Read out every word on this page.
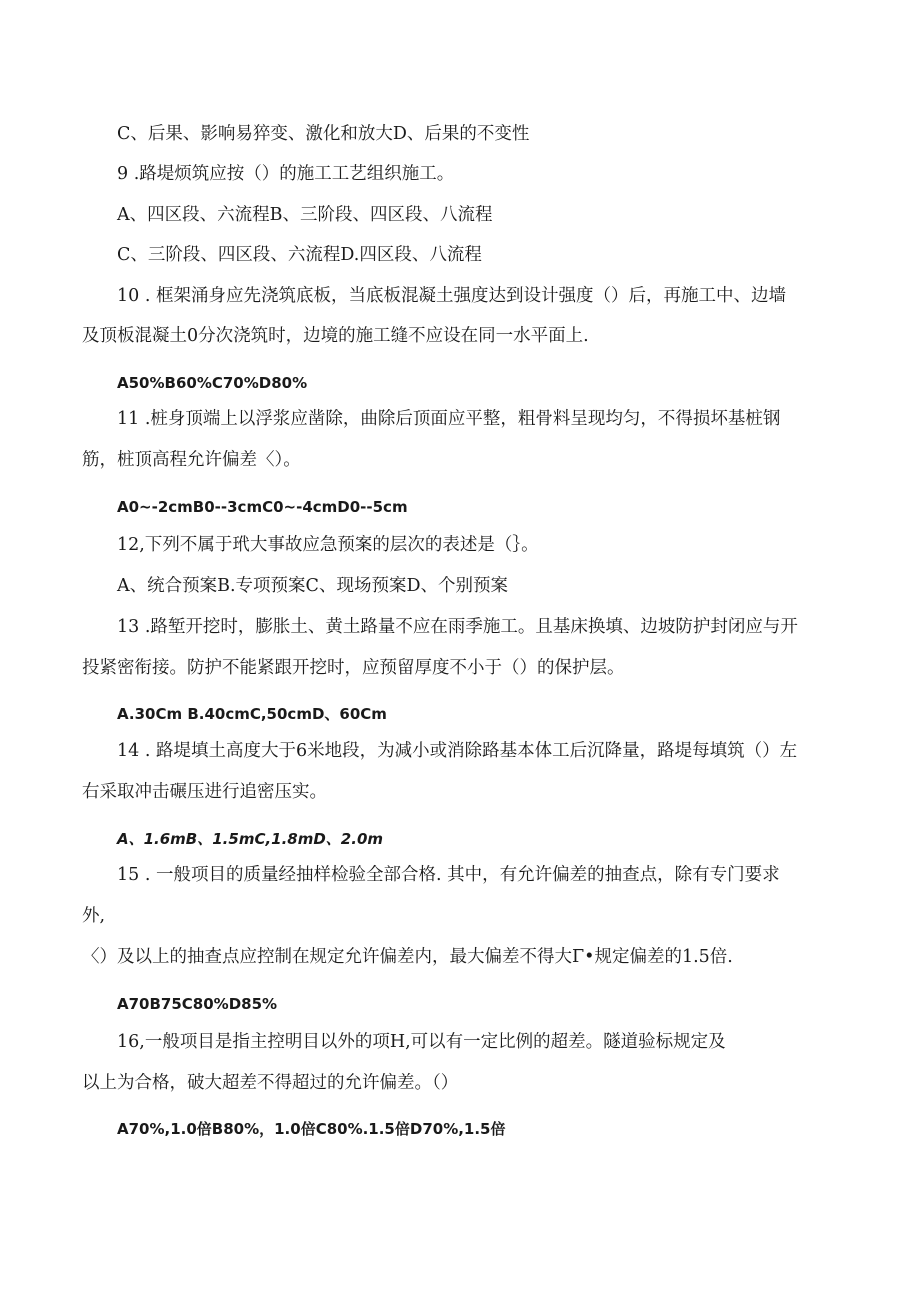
C、后果、影响易猝变、激化和放大D、后果的不变性
9 .路堤烦筑应按（）的施工工艺组织施工。
A、四区段、六流程B、三阶段、四区段、八流程
C、三阶段、四区段、六流程D.四区段、八流程
10 . 框架涌身应先浇筑底板，当底板混凝土强度达到设计强度（）后，再施工中、边墙
及顶板混凝土0分次浇筑时，边境的施工缝不应设在同一水平面上.
A50%B60%C70%D80%
11 .桩身顶端上以浮浆应凿除，曲除后顶面应平整，粗骨料呈现均匀，不得损坏基桩钢
筋，桩顶高程允许偏差〈）。
A0~-2cmB0--3cmC0~-4cmD0--5cm
12,下列不属于玳大事故应急预案的层次的表述是（｝。
A、统合预案B.专项预案C、现场预案D、个别预案
13 .路堑开挖时，膨胀土、黄土路量不应在雨季施工。且基床换填、边坡防护封闭应与开
投紧密衔接。防护不能紧跟开挖时，应预留厚度不小于（）的保护层。
A.30Cm B.40cmC,50cmD、60Cm
14 . 路堤填土高度大于6米地段，为减小或消除路基本体工后沉降量，路堤每填筑（）左
右采取冲击碾压进行追密压实。
A、1.6mB、1.5mC,1.8mD、2.0m
15 . 一般项目的质量经抽样检验全部合格. 其中，有允许偏差的抽查点，除有专门要求
外,
〈）及以上的抽查点应控制在规定允许偏差内，最大偏差不得大Γ•规定偏差的1.5倍.
A70B75C80%D85%
16,一般项目是指主控明目以外的项H,可以有一定比例的超差。隧道验标规定及
以上为合格，破大超差不得超过的允许偏差。（）
A70%,1.0倍B80%，1.0倍C80%.1.5倍D70%,1.5倍
